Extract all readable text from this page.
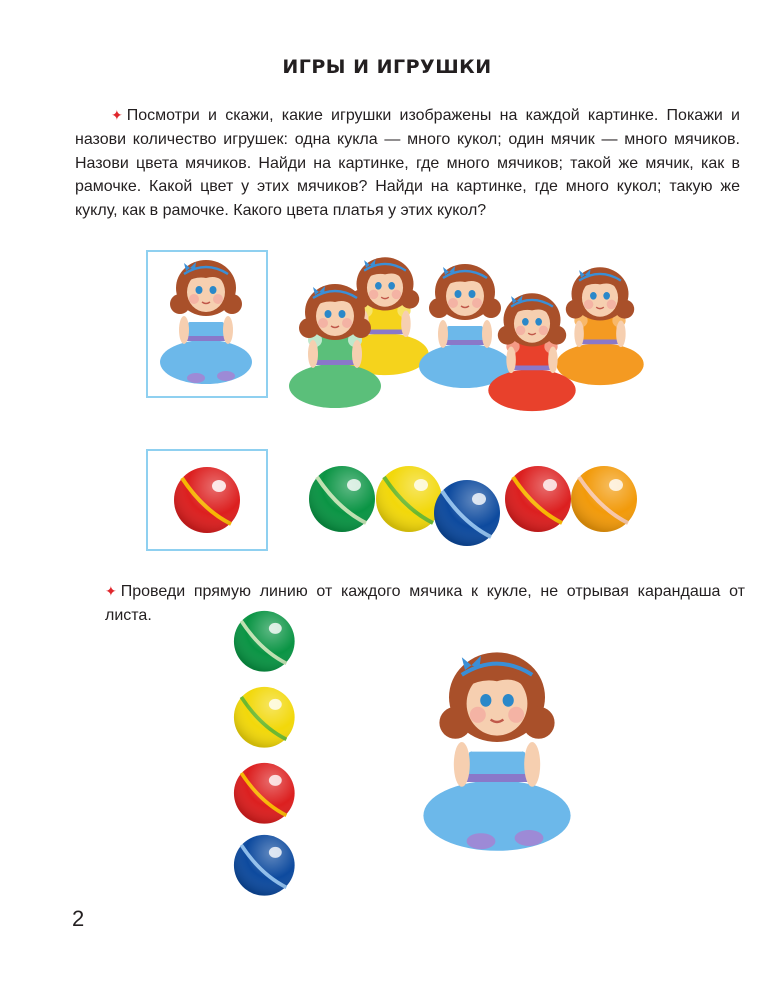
ИГРЫ И ИГРУШКИ
✦ Посмотри и скажи, какие игрушки изображены на каждой картинке. Покажи и назови количество игрушек: одна кукла — много кукол; один мячик — много мячиков. Назови цвета мячиков. Найди на картинке, где много мячиков; такой же мячик, как в рамочке. Какой цвет у этих мячиков? Найди на картинке, где много кукол; такую же куклу, как в рамочке. Какого цвета платья у этих кукол?
✦ Проведи прямую линию от каждого мячика к кукле, не отрывая карандаша от листа.
2
